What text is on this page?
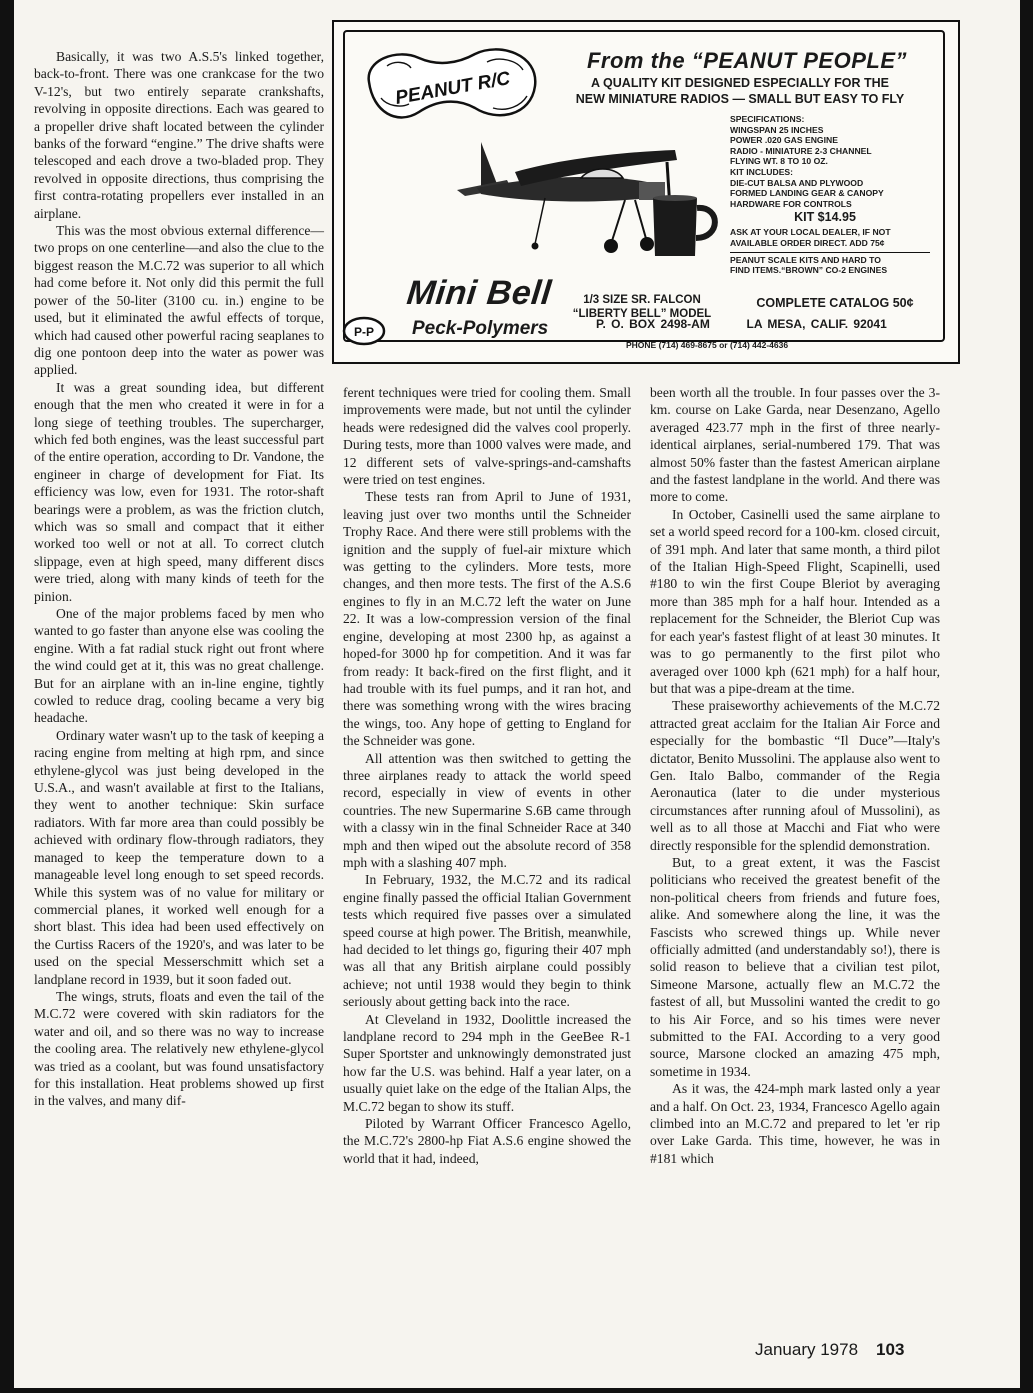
Basically, it was two A.S.5's linked together, back-to-front. There was one crankcase for the two V-12's, but two entirely separate crankshafts, revolving in opposite directions. Each was geared to a propeller drive shaft located between the cylinder banks of the forward “engine.” The drive shafts were telescoped and each drove a two-bladed prop. They revolved in opposite directions, thus comprising the first contra-rotating propellers ever installed in an airplane.

This was the most obvious external difference—two props on one centerline—and also the clue to the biggest reason the M.C.72 was superior to all which had come before it. Not only did this permit the full power of the 50-liter (3100 cu. in.) engine to be used, but it eliminated the awful effects of torque, which had caused other powerful racing seaplanes to dig one pontoon deep into the water as power was applied.

It was a great sounding idea, but different enough that the men who created it were in for a long siege of teething troubles. The supercharger, which fed both engines, was the least successful part of the entire operation, according to Dr. Vandone, the engineer in charge of development for Fiat. Its efficiency was low, even for 1931. The rotor-shaft bearings were a problem, as was the friction clutch, which was so small and compact that it either worked too well or not at all. To correct clutch slippage, even at high speed, many different discs were tried, along with many kinds of teeth for the pinion.

One of the major problems faced by men who wanted to go faster than anyone else was cooling the engine. With a fat radial stuck right out front where the wind could get at it, this was no great challenge. But for an airplane with an in-line engine, tightly cowled to reduce drag, cooling became a very big headache.

Ordinary water wasn't up to the task of keeping a racing engine from melting at high rpm, and since ethylene-glycol was just being developed in the U.S.A., and wasn't available at first to the Italians, they went to another technique: Skin surface radiators. With far more area than could possibly be achieved with ordinary flow-through radiators, they managed to keep the temperature down to a manageable level long enough to set speed records. While this system was of no value for military or commercial planes, it worked well enough for a short blast. This idea had been used effectively on the Curtiss Racers of the 1920's, and was later to be used on the special Messerschmitt which set a landplane record in 1939, but it soon faded out.

The wings, struts, floats and even the tail of the M.C.72 were covered with skin radiators for the water and oil, and so there was no way to increase the cooling area. The relatively new ethylene-glycol was tried as a coolant, but was found unsatisfactory for this installation. Heat problems showed up first in the valves, and many dif-

PEANUT R/C
From the “PEANUT PEOPLE”
A QUALITY KIT DESIGNED ESPECIALLY FOR THE
NEW MINIATURE RADIOS — SMALL BUT EASY TO FLY
SPECIFICATIONS:
WINGSPAN 25 INCHES
POWER .020 GAS ENGINE
RADIO - MINIATURE 2-3 CHANNEL
FLYING WT. 8 TO 10 OZ.
KIT INCLUDES:
DIE-CUT BALSA AND PLYWOOD
FORMED LANDING GEAR & CANOPY
HARDWARE FOR CONTROLS
KIT $14.95
ASK AT YOUR LOCAL DEALER, IF NOT
AVAILABLE ORDER DIRECT. ADD 75¢
PEANUT SCALE KITS AND HARD TO
FIND ITEMS.“BROWN” CO-2 ENGINES
COMPLETE CATALOG 50¢
Mini Bell	1/3 SIZE SR. FALCON
“LIBERTY BELL” MODEL
P-P Peck-Polymers	P. O. BOX 2498-AM	LA MESA, CALIF. 92041
PHONE (714) 469-8675 or (714) 442-4636

ferent techniques were tried for cooling them. Small improvements were made, but not until the cylinder heads were redesigned did the valves cool properly. During tests, more than 1000 valves were made, and 12 different sets of valve-springs-and-camshafts were tried on test engines.

These tests ran from April to June of 1931, leaving just over two months until the Schneider Trophy Race. And there were still problems with the ignition and the supply of fuel-air mixture which was getting to the cylinders. More tests, more changes, and then more tests. The first of the A.S.6 engines to fly in an M.C.72 left the water on June 22. It was a low-compression version of the final engine, developing at most 2300 hp, as against a hoped-for 3000 hp for competition. And it was far from ready: It back-fired on the first flight, and it had trouble with its fuel pumps, and it ran hot, and there was something wrong with the wires bracing the wings, too. Any hope of getting to England for the Schneider was gone.

All attention was then switched to getting the three airplanes ready to attack the world speed record, especially in view of events in other countries. The new Supermarine S.6B came through with a classy win in the final Schneider Race at 340 mph and then wiped out the absolute record of 358 mph with a slashing 407 mph.

In February, 1932, the M.C.72 and its radical engine finally passed the official Italian Government tests which required five passes over a simulated speed course at high power. The British, meanwhile, had decided to let things go, figuring their 407 mph was all that any British airplane could possibly achieve; not until 1938 would they begin to think seriously about getting back into the race.

At Cleveland in 1932, Doolittle increased the landplane record to 294 mph in the GeeBee R-1 Super Sportster and unknowingly demonstrated just how far the U.S. was behind. Half a year later, on a usually quiet lake on the edge of the Italian Alps, the M.C.72 began to show its stuff.

Piloted by Warrant Officer Francesco Agello, the M.C.72's 2800-hp Fiat A.S.6 engine showed the world that it had, indeed,

been worth all the trouble. In four passes over the 3-km. course on Lake Garda, near Desenzano, Agello averaged 423.77 mph in the first of three nearly-identical airplanes, serial-numbered 179. That was almost 50% faster than the fastest American airplane and the fastest landplane in the world. And there was more to come.

In October, Casinelli used the same airplane to set a world speed record for a 100-km. closed circuit, of 391 mph. And later that same month, a third pilot of the Italian High-Speed Flight, Scapinelli, used #180 to win the first Coupe Bleriot by averaging more than 385 mph for a half hour. Intended as a replacement for the Schneider, the Bleriot Cup was for each year's fastest flight of at least 30 minutes. It was to go permanently to the first pilot who averaged over 1000 kph (621 mph) for a half hour, but that was a pipe-dream at the time.

These praiseworthy achievements of the M.C.72 attracted great acclaim for the Italian Air Force and especially for the bombastic “Il Duce”—Italy's dictator, Benito Mussolini. The applause also went to Gen. Italo Balbo, commander of the Regia Aeronautica (later to die under mysterious circumstances after running afoul of Mussolini), as well as to all those at Macchi and Fiat who were directly responsible for the splendid demonstration.

But, to a great extent, it was the Fascist politicians who received the greatest benefit of the non-political cheers from friends and future foes, alike. And somewhere along the line, it was the Fascists who screwed things up. While never officially admitted (and understandably so!), there is solid reason to believe that a civilian test pilot, Simeone Marsone, actually flew an M.C.72 the fastest of all, but Mussolini wanted the credit to go to his Air Force, and so his times were never submitted to the FAI. According to a very good source, Marsone clocked an amazing 475 mph, sometime in 1934.

As it was, the 424-mph mark lasted only a year and a half. On Oct. 23, 1934, Francesco Agello again climbed into an M.C.72 and prepared to let 'er rip over Lake Garda. This time, however, he was in #181 which

January 1978 103
